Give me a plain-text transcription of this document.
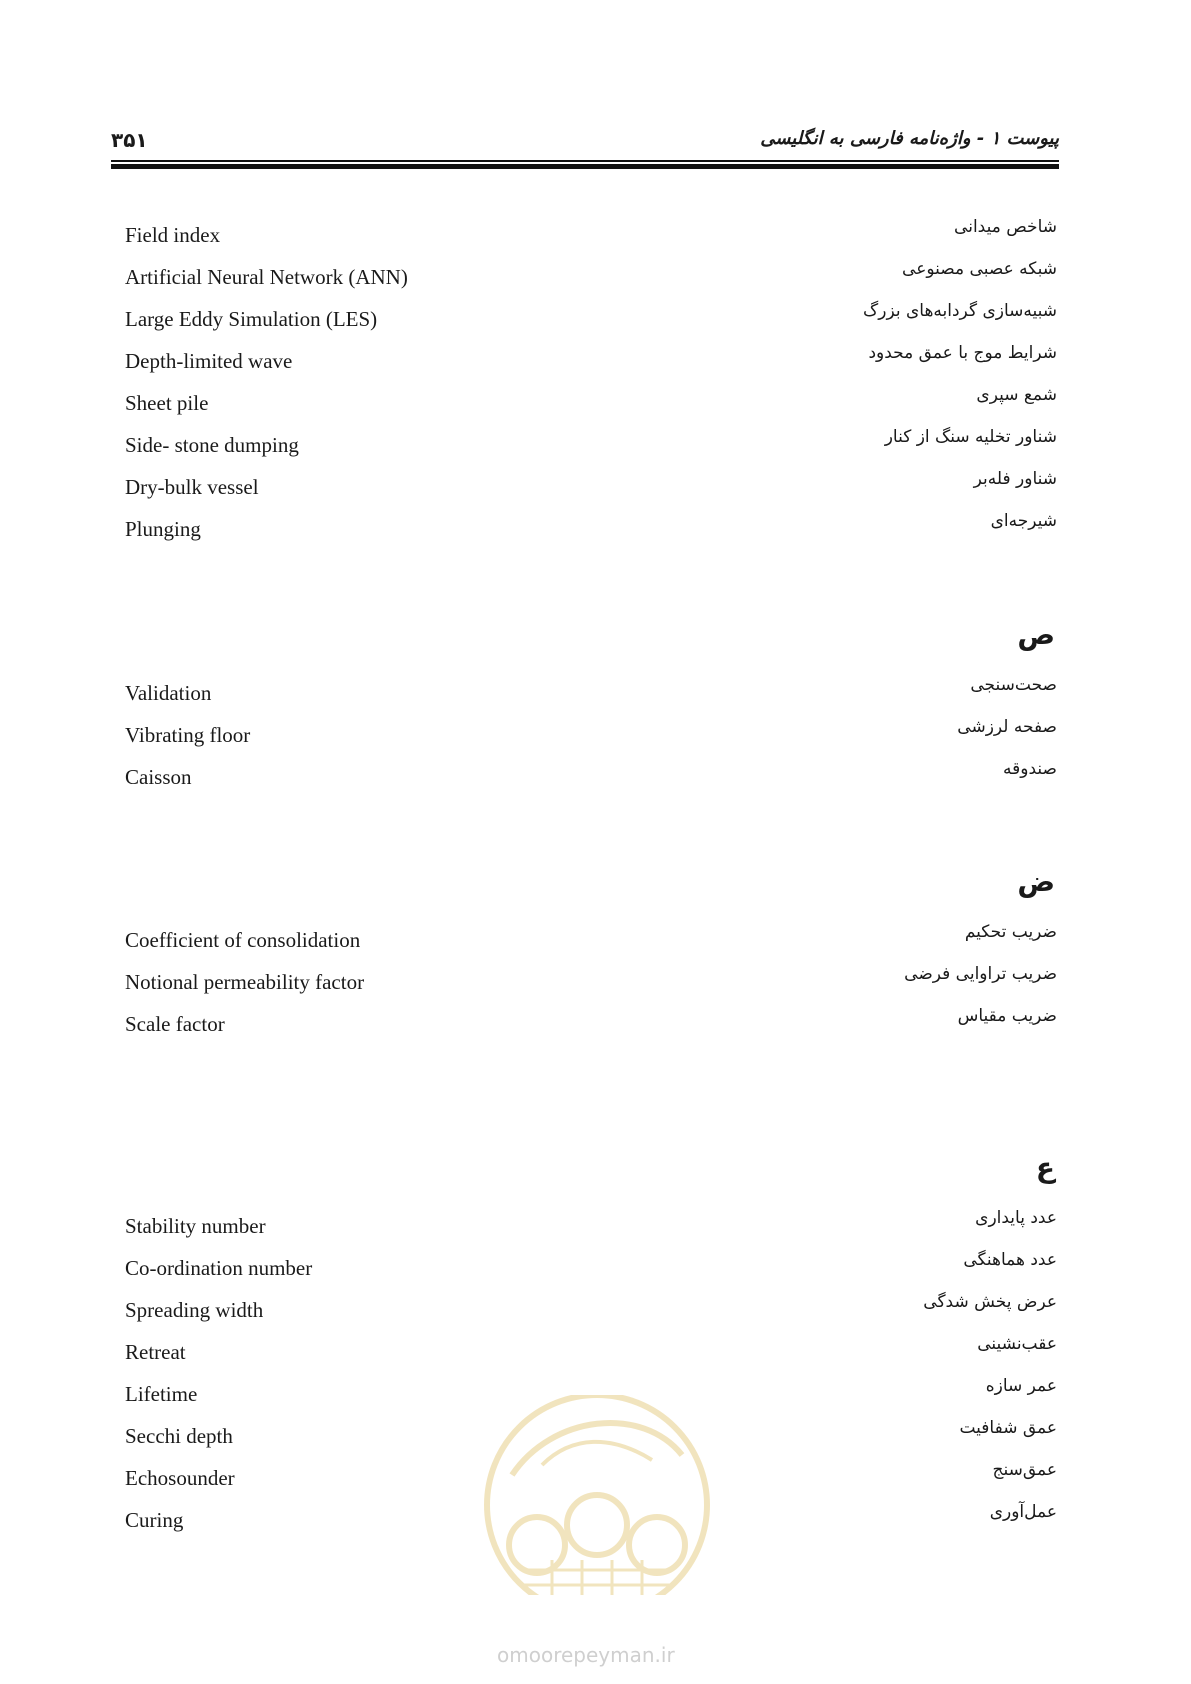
۳۵۱	پیوست ۱ - واژه‌نامه فارسی به انگلیسی
Field index	شاخص میدانی
Artificial Neural Network (ANN)	شبکه عصبی مصنوعی
Large Eddy Simulation (LES)	شبیه‌سازی گردابه‌های بزرگ
Depth-limited wave	شرایط موج با عمق محدود
Sheet pile	شمع سپری
Side- stone dumping	شناور تخلیه سنگ از کنار
Dry-bulk vessel	شناور فله‌بر
Plunging	شیرجه‌ای
ص
Validation	صحت‌سنجی
Vibrating floor	صفحه لرزشی
Caisson	صندوقه
ض
Coefficient of consolidation	ضریب تحکیم
Notional permeability factor	ضریب تراوایی فرضی
Scale factor	ضریب مقیاس
ع
Stability number	عدد پایداری
Co-ordination number	عدد هماهنگی
Spreading width	عرض پخش شدگی
Retreat	عقب‌نشینی
Lifetime	عمر سازه
Secchi depth	عمق شفافیت
Echosounder	عمق‌سنج
Curing	عمل‌آوری
omoorepeyman.ir
